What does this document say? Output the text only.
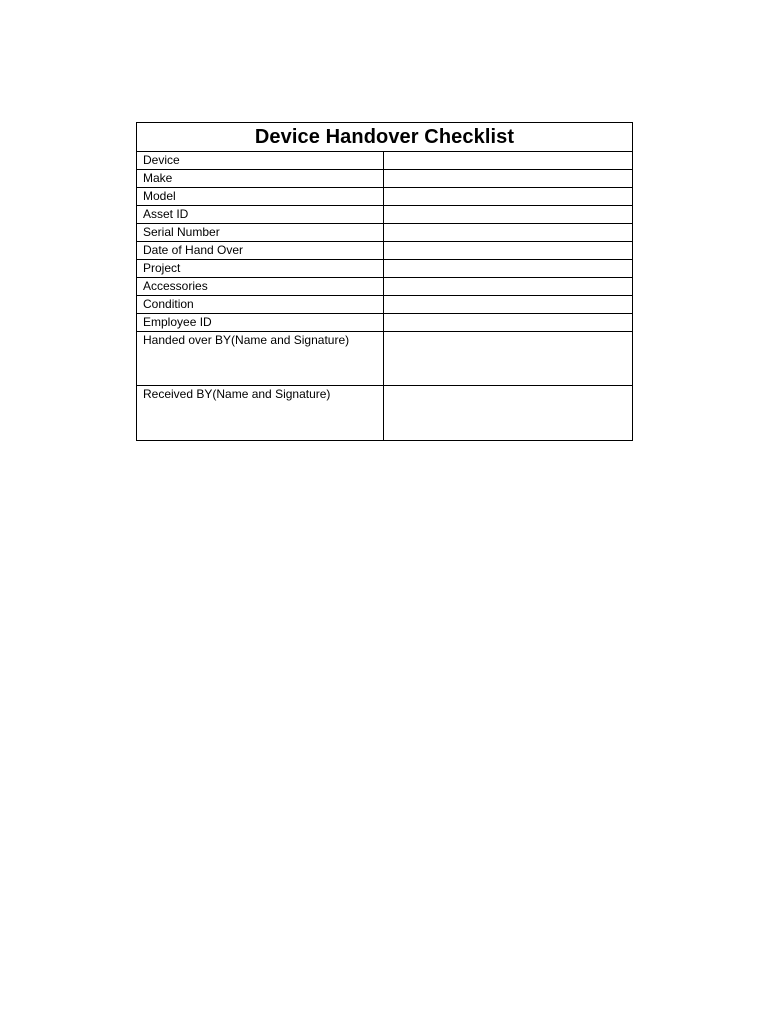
Device Handover Checklist
Device
Make
Model
Asset ID
Serial Number
Date of Hand Over
Project
Accessories
Condition
Employee ID
Handed over BY(Name and Signature)
Received BY(Name and Signature)
